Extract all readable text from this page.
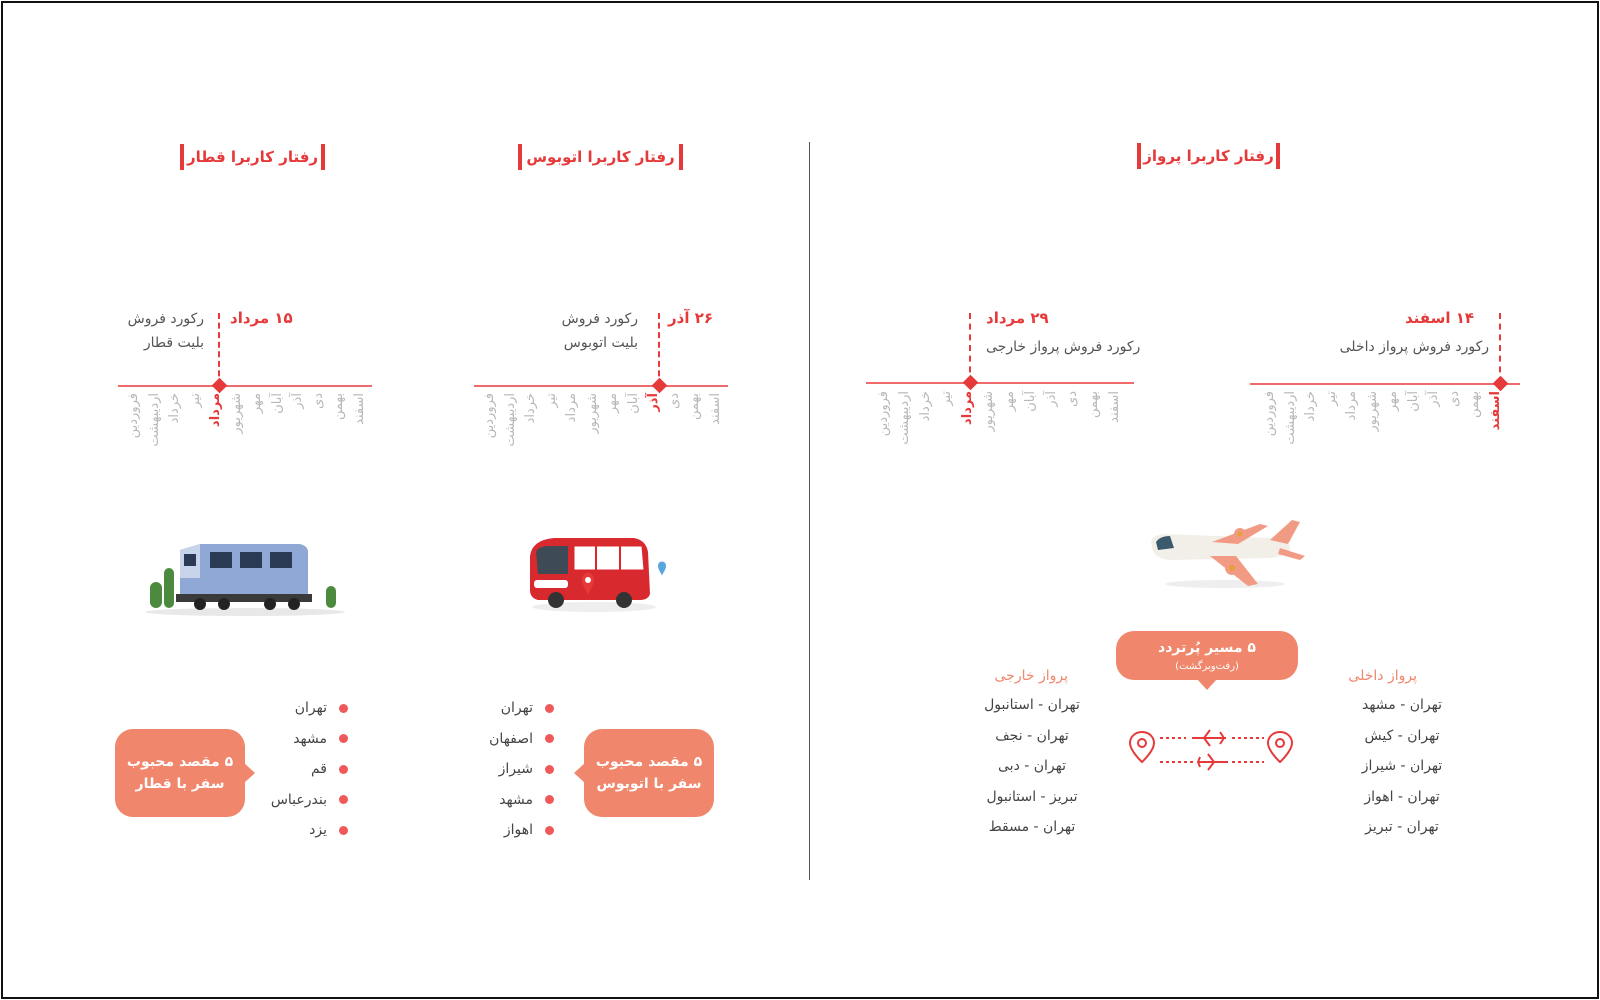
رفتار کاربرا پرواز
رفتار کاربرا اتوبوس
رفتار کاربرا قطار
۱۴ اسفند
رکورد فروش پرواز داخلی
فروردین اردیبهشت خرداد تیر مرداد شهریور مهر آبان آذر دی بهمن اسفند
۲۹ مرداد
رکورد فروش پرواز خارجی
فروردین اردیبهشت خرداد تیر مرداد شهریور مهر آبان آذر دی بهمن اسفند
۲۶ آذر
رکورد فروش
بلیت اتوبوس
فروردین اردیبهشت خرداد تیر مرداد شهریور مهر آبان آذر دی بهمن اسفند
۱۵ مرداد
رکورد فروش
بلیت قطار
فروردین اردیبهشت خرداد تیر مرداد شهریور مهر آبان آذر دی بهمن اسفند
۵ مسیر پُرتردد
(رفت‌وبرگشت)
پرواز داخلی
تهران - مشهد
تهران - کیش
تهران - شیراز
تهران - اهواز
تهران - تبریز
پرواز خارجی
تهران - استانبول
تهران - نجف
تهران - دبی
تبریز - استانبول
تهران - مسقط
تهران
اصفهان
شیراز
مشهد
اهواز
۵ مقصد محبوب
سفر با اتوبوس
تهران
مشهد
قم
بندرعباس
یزد
۵ مقصد محبوب
سفر با قطار
